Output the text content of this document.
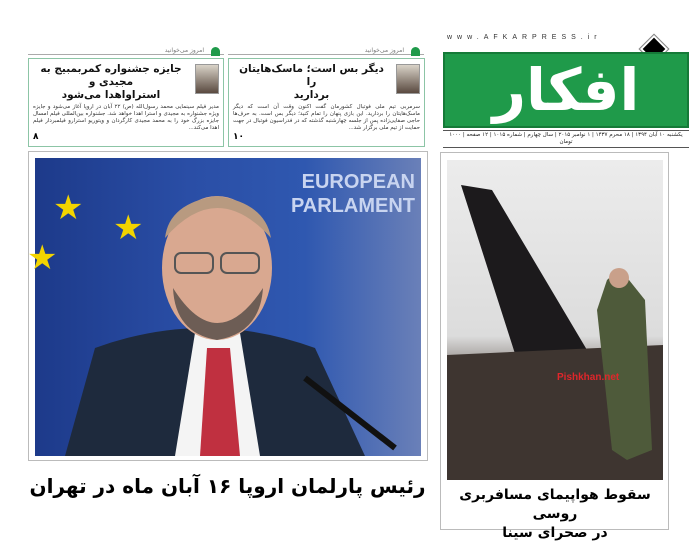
www.AFKARPRESS.ir
افکار
یکشنبه ۱۰ آبان ۱۳۹۴ | ۱۸ محرم ۱۴۳۷ | ۱ نوامبر ۲۰۱۵ | سال چهارم | شماره ۱۰۱۵ | ۱۲ صفحه | ۱۰۰۰ تومان
امروز می‌خوانید
دیگر بس است؛ ماسک‌هایتان را
بردارید
سرمربی تیم ملی فوتبال کشورمان گفت اکنون وقت آن است که دیگر ماسک‌هایتان را بردارید. این بازی پنهان را تمام کنید؛ دیگر بس است. به حرف‌ها حاجی صفایی‌زاده پس از جلسه چهارشنبه گذشته که در فدراسیون فوتبال در جهت حمایت از تیم ملی برگزار شد...
۱۰
امروز می‌خوانید
جایزه جشنواره کمربمبیج به مجیدی و
استرا‌واهدا می‌شود
مدیر فیلم سینمایی محمد رسول‌الله (ص) ۲۲ آبان در اروپا آغاز می‌شود و جایزه ویژه جشنواره به مجیدی و استرا اهدا خواهد شد. جشنواره بین‌المللی فیلم امسال جایزه بزرگ خود را به محمد مجیدی کارگردان و ویتوریو استرارو فیلمبردار فیلم اهدا می‌کند...
۸
★ ★
★
EUROPEAN PARLAMENT
رئیس پارلمان اروپا ۱۶ آبان ماه در تهران
Pishkhan.net
سقوط هواپیمای مسافربری روسی
در صحرای سینا
